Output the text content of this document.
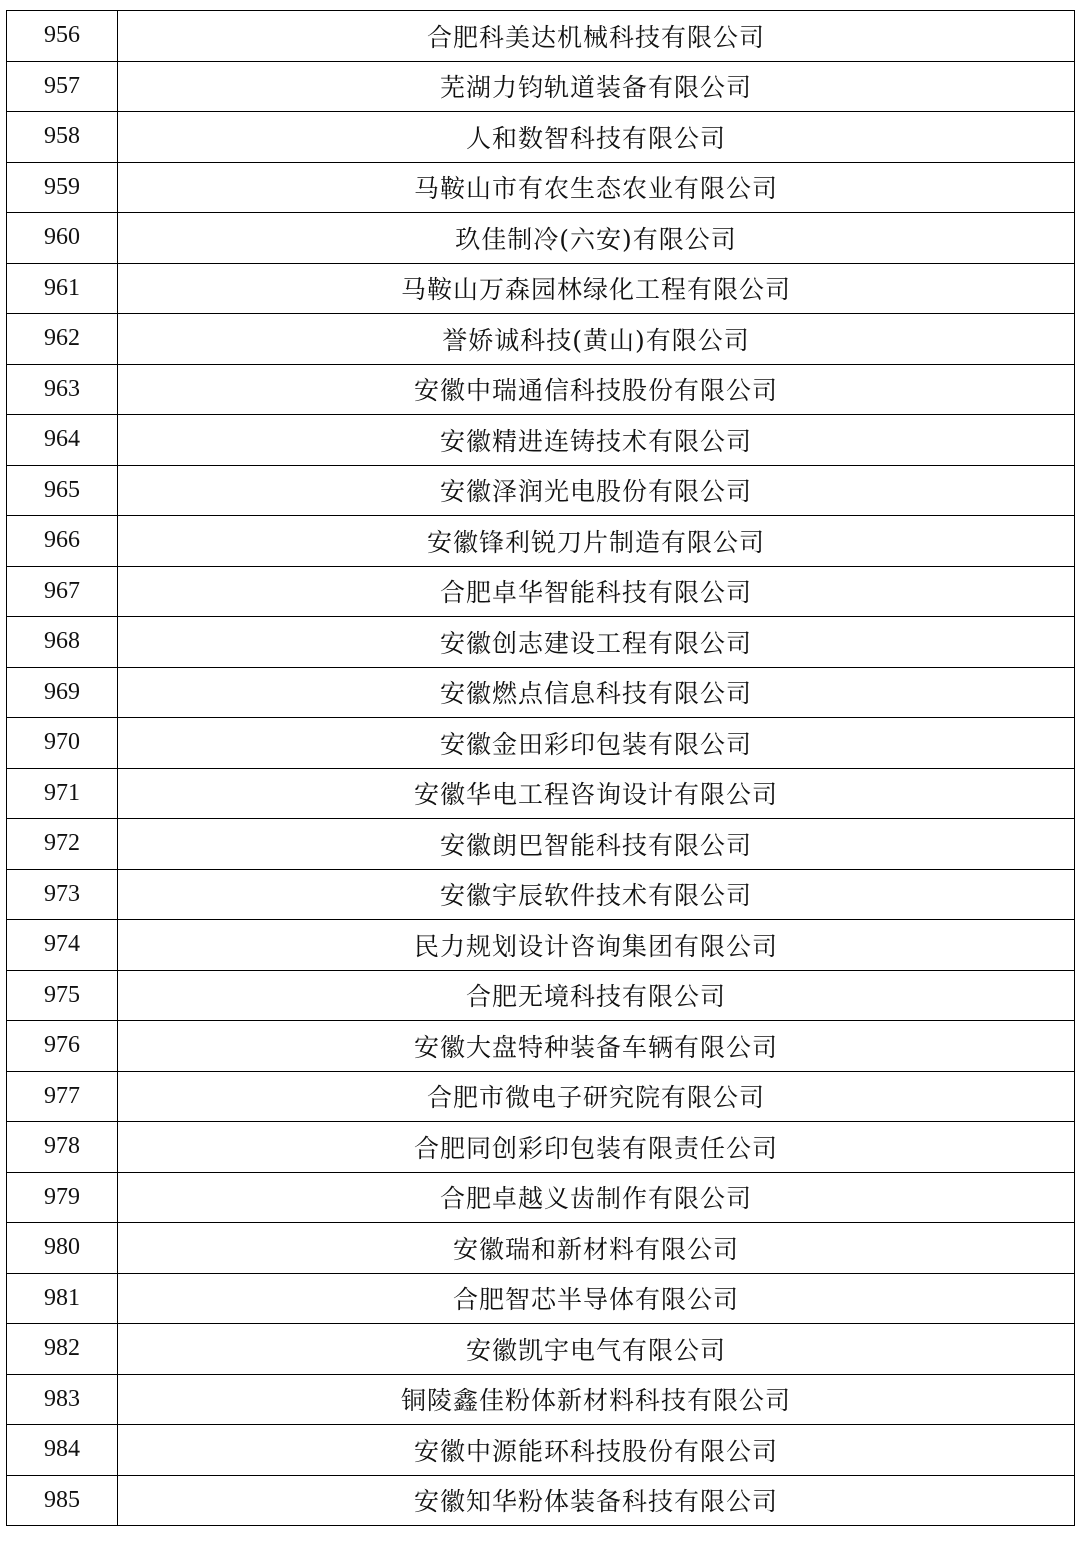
956	合肥科美达机械科技有限公司
957	芜湖力钧轨道装备有限公司
958	人和数智科技有限公司
959	马鞍山市有农生态农业有限公司
960	玖佳制冷(六安)有限公司
961	马鞍山万森园林绿化工程有限公司
962	誉娇诚科技(黄山)有限公司
963	安徽中瑞通信科技股份有限公司
964	安徽精进连铸技术有限公司
965	安徽泽润光电股份有限公司
966	安徽锋利锐刀片制造有限公司
967	合肥卓华智能科技有限公司
968	安徽创志建设工程有限公司
969	安徽燃点信息科技有限公司
970	安徽金田彩印包装有限公司
971	安徽华电工程咨询设计有限公司
972	安徽朗巴智能科技有限公司
973	安徽宇辰软件技术有限公司
974	民力规划设计咨询集团有限公司
975	合肥无境科技有限公司
976	安徽大盘特种装备车辆有限公司
977	合肥市微电子研究院有限公司
978	合肥同创彩印包装有限责任公司
979	合肥卓越义齿制作有限公司
980	安徽瑞和新材料有限公司
981	合肥智芯半导体有限公司
982	安徽凯宇电气有限公司
983	铜陵鑫佳粉体新材料科技有限公司
984	安徽中源能环科技股份有限公司
985	安徽知华粉体装备科技有限公司
